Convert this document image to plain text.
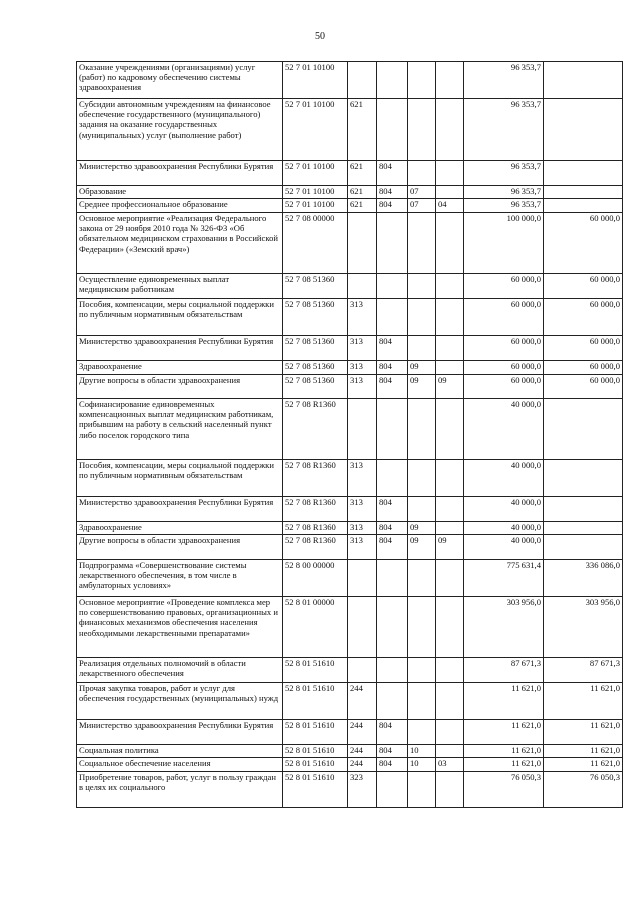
50
Оказание учреждениями (организациями) услуг (работ) по кадровому обеспечению системы здравоохранения	52 7 01 10100					96 353,7	
Субсидии автономным учреждениям на финансовое обеспечение государственного (муниципального) задания на оказание государственных (муниципальных) услуг (выполнение работ)	52 7 01 10100	621				96 353,7	
Министерство здравоохранения Республики Бурятия	52 7 01 10100	621	804			96 353,7	
Образование	52 7 01 10100	621	804	07		96 353,7	
Среднее профессиональное образование	52 7 01 10100	621	804	07	04	96 353,7	
Основное мероприятие «Реализация Федерального закона от 29 ноября 2010 года № 326-ФЗ «Об обязательном медицинском страховании в Российской Федерации» («Земский врач»)	52 7 08 00000					100 000,0	60 000,0
Осуществление единовременных выплат медицинским работникам	52 7 08 51360					60 000,0	60 000,0
Пособия, компенсации, меры социальной поддержки по публичным нормативным обязательствам	52 7 08 51360	313				60 000,0	60 000,0
Министерство здравоохранения Республики Бурятия	52 7 08 51360	313	804			60 000,0	60 000,0
Здравоохранение	52 7 08 51360	313	804	09		60 000,0	60 000,0
Другие вопросы в области здравоохранения	52 7 08 51360	313	804	09	09	60 000,0	60 000,0
Софинансирование единовременных компенсационных выплат медицинским работникам, прибывшим на работу в сельский населенный пункт либо поселок городского типа	52 7 08 R1360					40 000,0	
Пособия, компенсации, меры социальной поддержки по публичным нормативным обязательствам	52 7 08 R1360	313				40 000,0	
Министерство здравоохранения Республики Бурятия	52 7 08 R1360	313	804			40 000,0	
Здравоохранение	52 7 08 R1360	313	804	09		40 000,0	
Другие вопросы в области здравоохранения	52 7 08 R1360	313	804	09	09	40 000,0	
Подпрограмма «Совершенствование системы лекарственного обеспечения, в том числе в амбулаторных условиях»	52 8 00 00000					775 631,4	336 086,0
Основное мероприятие «Проведение комплекса мер по совершенствованию правовых, организационных и финансовых механизмов обеспечения населения необходимыми лекарственными препаратами»	52 8 01 00000					303 956,0	303 956,0
Реализация отдельных полномочий в области лекарственного обеспечения	52 8 01 51610					87 671,3	87 671,3
Прочая закупка товаров, работ и услуг для обеспечения государственных (муниципальных) нужд	52 8 01 51610	244				11 621,0	11 621,0
Министерство здравоохранения Республики Бурятия	52 8 01 51610	244	804			11 621,0	11 621,0
Социальная политика	52 8 01 51610	244	804	10		11 621,0	11 621,0
Социальное обеспечение населения	52 8 01 51610	244	804	10	03	11 621,0	11 621,0
Приобретение товаров, работ, услуг в пользу граждан в целях их социального	52 8 01 51610	323				76 050,3	76 050,3
